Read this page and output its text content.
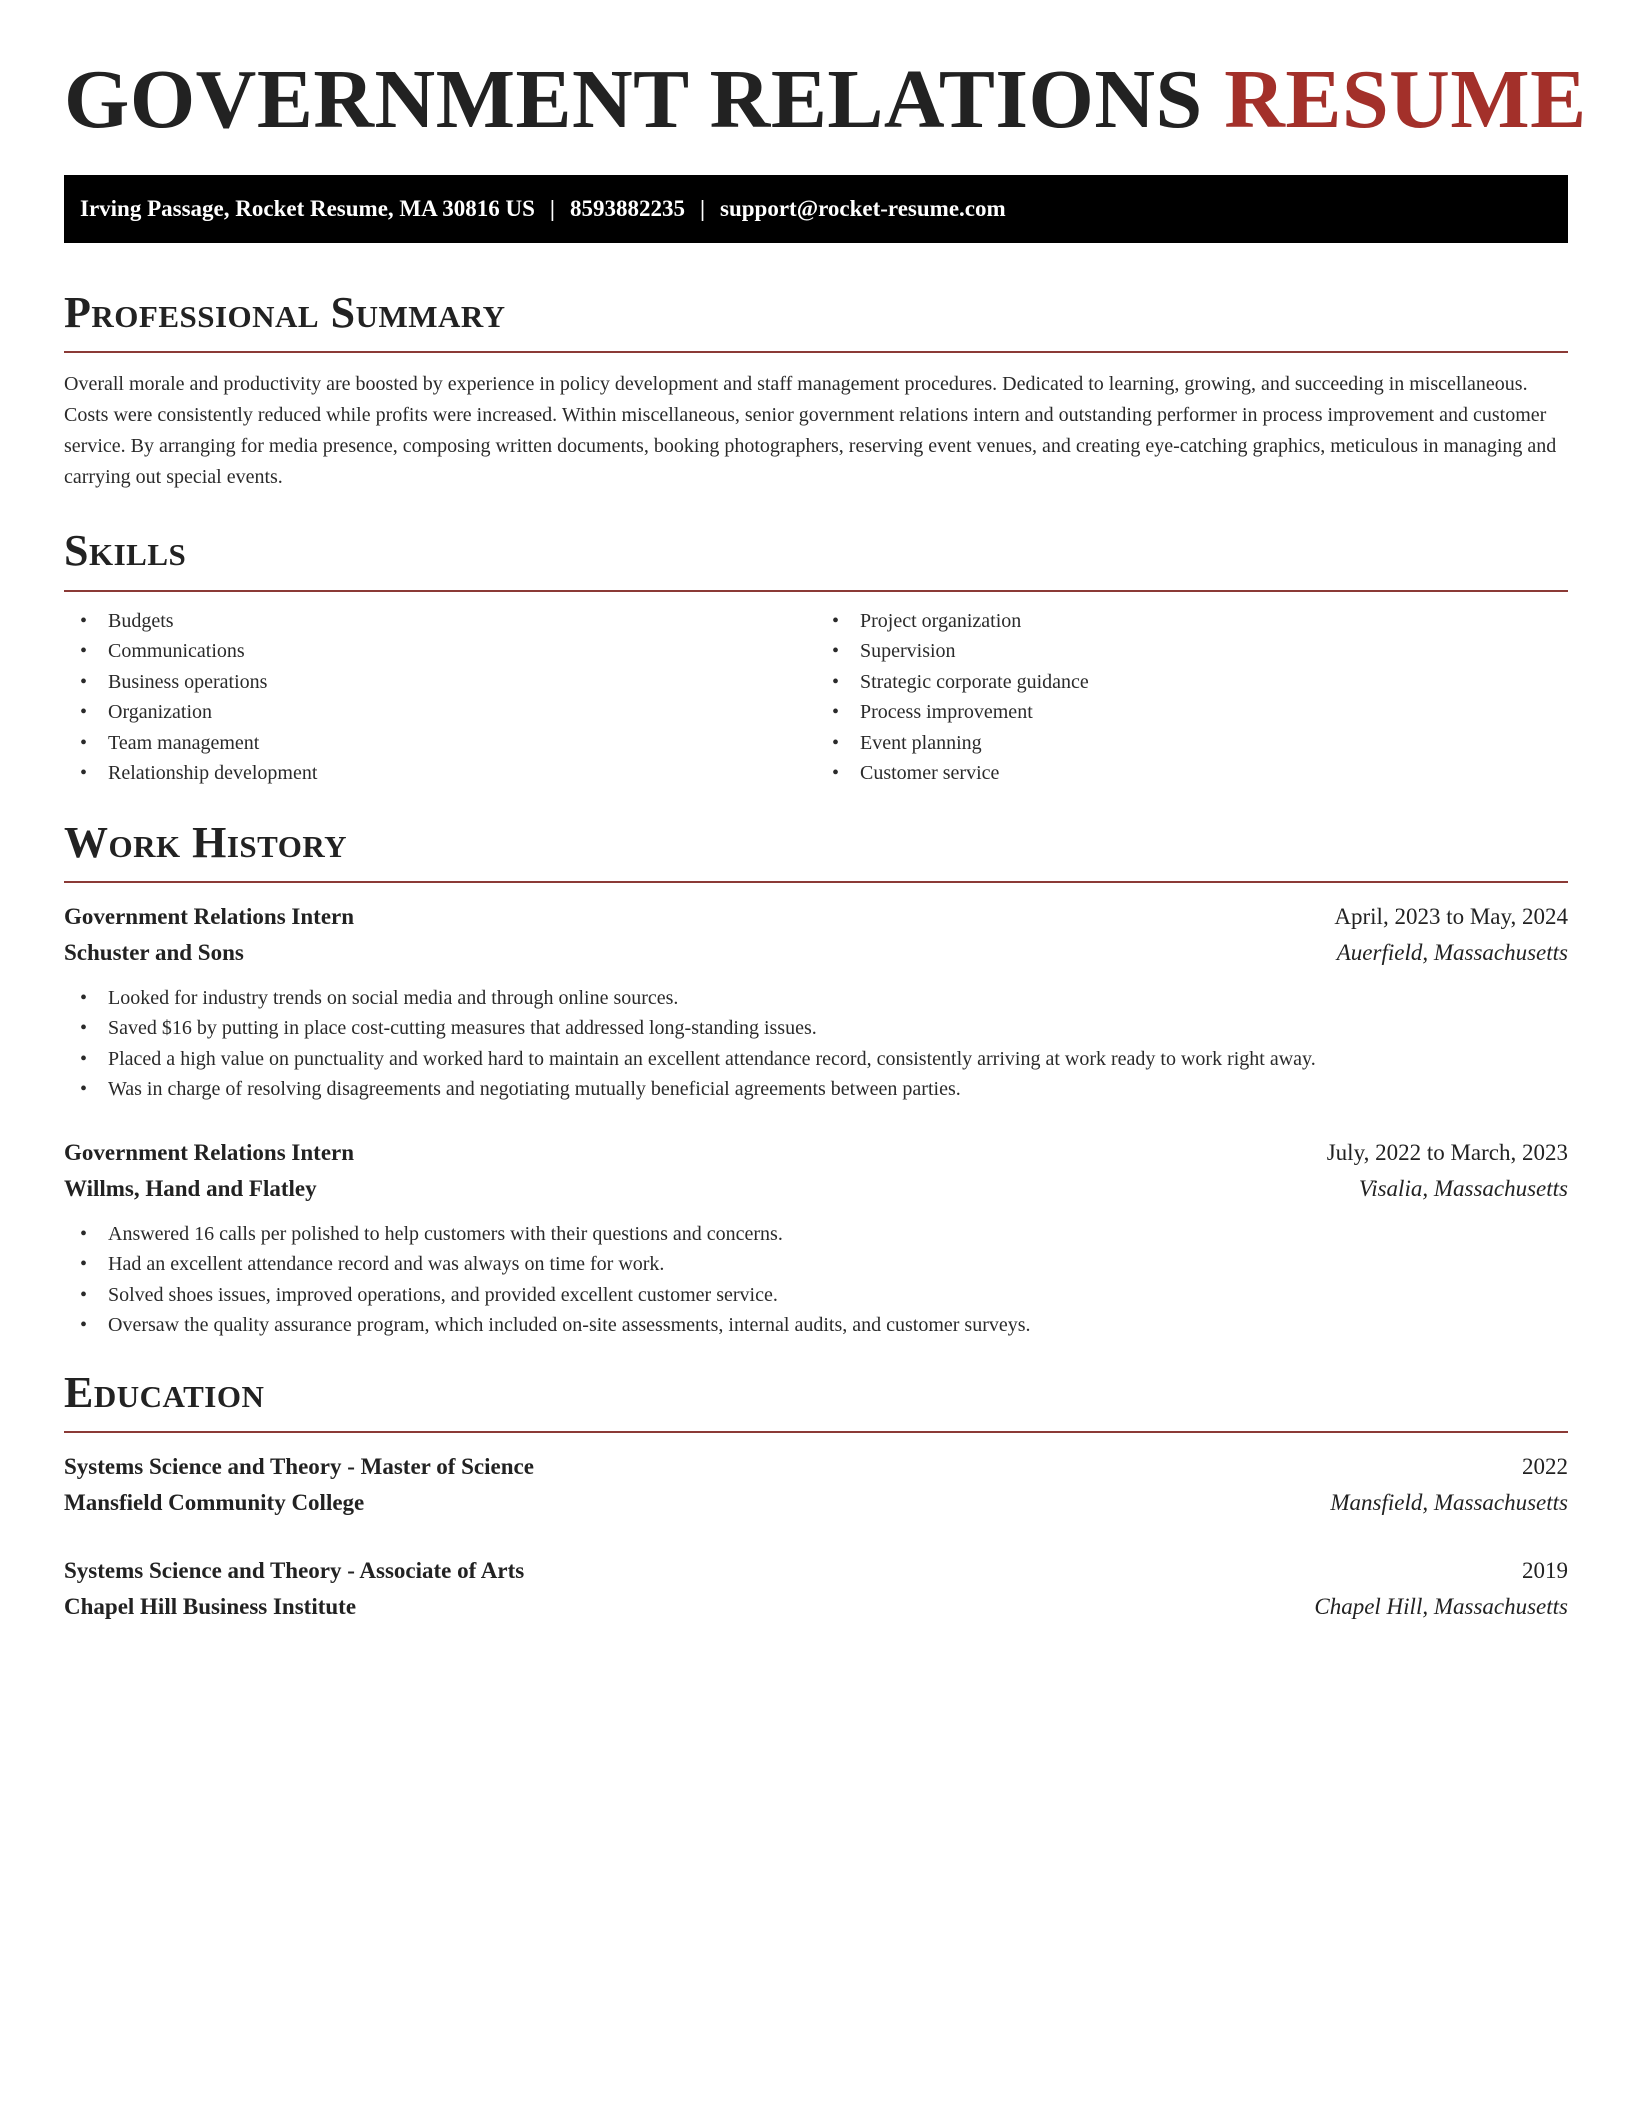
GOVERNMENT RELATIONS RESUME
Irving Passage, Rocket Resume, MA 30816 US | 8593882235 | support@rocket-resume.com
Professional Summary

Overall morale and productivity are boosted by experience in policy development and staff management procedures. Dedicated to learning, growing, and succeeding in miscellaneous. Costs were consistently reduced while profits were increased. Within miscellaneous, senior government relations intern and outstanding performer in process improvement and customer service. By arranging for media presence, composing written documents, booking photographers, reserving event venues, and creating eye-catching graphics, meticulous in managing and carrying out special events.

Skills
• Budgets
• Communications
• Business operations
• Organization
• Team management
• Relationship development
• Project organization
• Supervision
• Strategic corporate guidance
• Process improvement
• Event planning
• Customer service
Work History
Government Relations Intern	April, 2023 to May, 2024
Schuster and Sons	Auerfield, Massachusetts
• Looked for industry trends on social media and through online sources.
• Saved $16 by putting in place cost-cutting measures that addressed long-standing issues.
• Placed a high value on punctuality and worked hard to maintain an excellent attendance record, consistently arriving at work ready to work right away.
• Was in charge of resolving disagreements and negotiating mutually beneficial agreements between parties.
Government Relations Intern	July, 2022 to March, 2023
Willms, Hand and Flatley	Visalia, Massachusetts
• Answered 16 calls per polished to help customers with their questions and concerns.
• Had an excellent attendance record and was always on time for work.
• Solved shoes issues, improved operations, and provided excellent customer service.
• Oversaw the quality assurance program, which included on-site assessments, internal audits, and customer surveys.
Education
Systems Science and Theory - Master of Science	2022
Mansfield Community College	Mansfield, Massachusetts
Systems Science and Theory - Associate of Arts	2019
Chapel Hill Business Institute	Chapel Hill, Massachusetts
